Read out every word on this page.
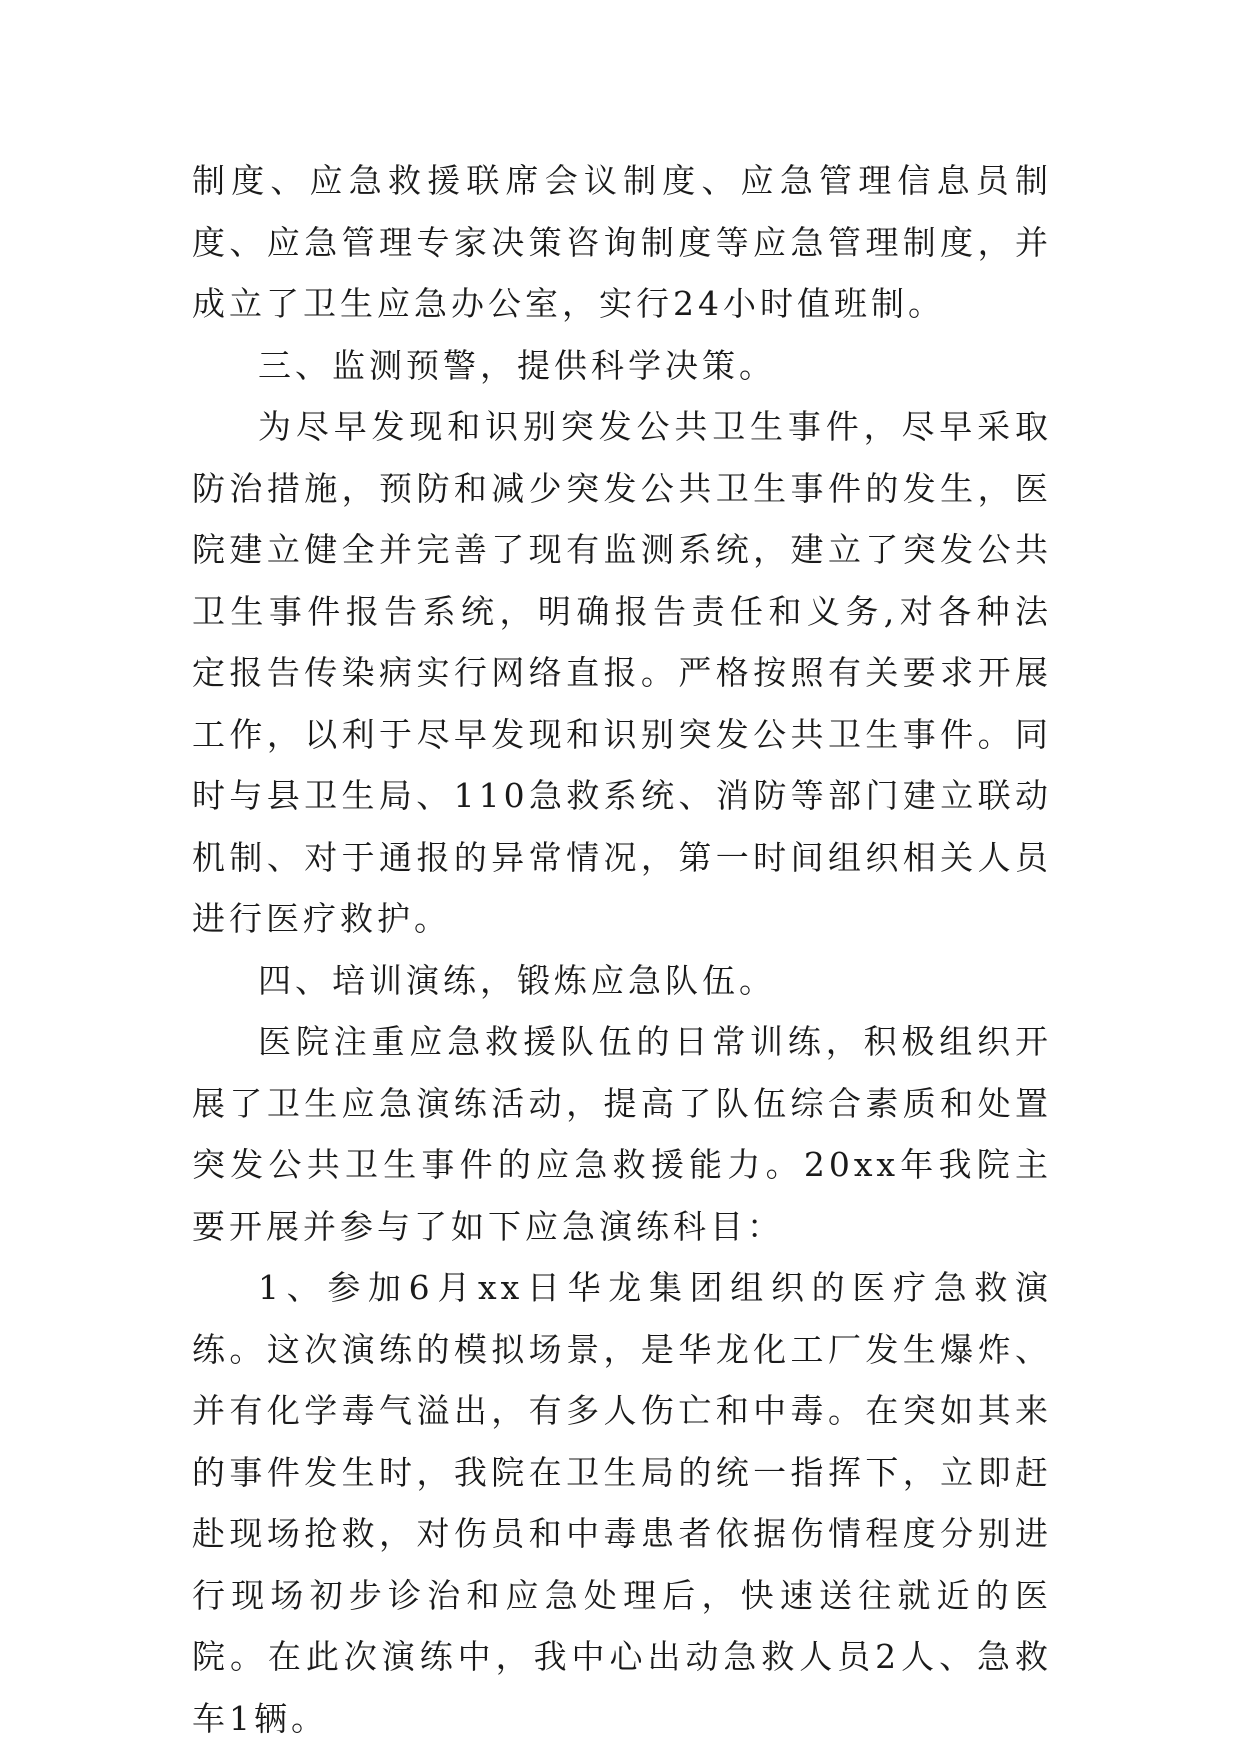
制度、应急救援联席会议制度、应急管理信息员制度、应急管理专家决策咨询制度等应急管理制度，并成立了卫生应急办公室，实行24小时值班制。

三、监测预警，提供科学决策。

为尽早发现和识别突发公共卫生事件，尽早采取防治措施，预防和减少突发公共卫生事件的发生，医院建立健全并完善了现有监测系统，建立了突发公共卫生事件报告系统，明确报告责任和义务,对各种法定报告传染病实行网络直报。严格按照有关要求开展工作，以利于尽早发现和识别突发公共卫生事件。同时与县卫生局、110急救系统、消防等部门建立联动机制、对于通报的异常情况，第一时间组织相关人员进行医疗救护。

四、培训演练，锻炼应急队伍。

医院注重应急救援队伍的日常训练，积极组织开展了卫生应急演练活动，提高了队伍综合素质和处置突发公共卫生事件的应急救援能力。20xx年我院主要开展并参与了如下应急演练科目：

1、参加6月xx日华龙集团组织的医疗急救演练。这次演练的模拟场景，是华龙化工厂发生爆炸、并有化学毒气溢出，有多人伤亡和中毒。在突如其来的事件发生时，我院在卫生局的统一指挥下，立即赶赴现场抢救，对伤员和中毒患者依据伤情程度分别进行现场初步诊治和应急处理后，快速送往就近的医院。在此次演练中，我中心出动急救人员2人、急救车1辆。
